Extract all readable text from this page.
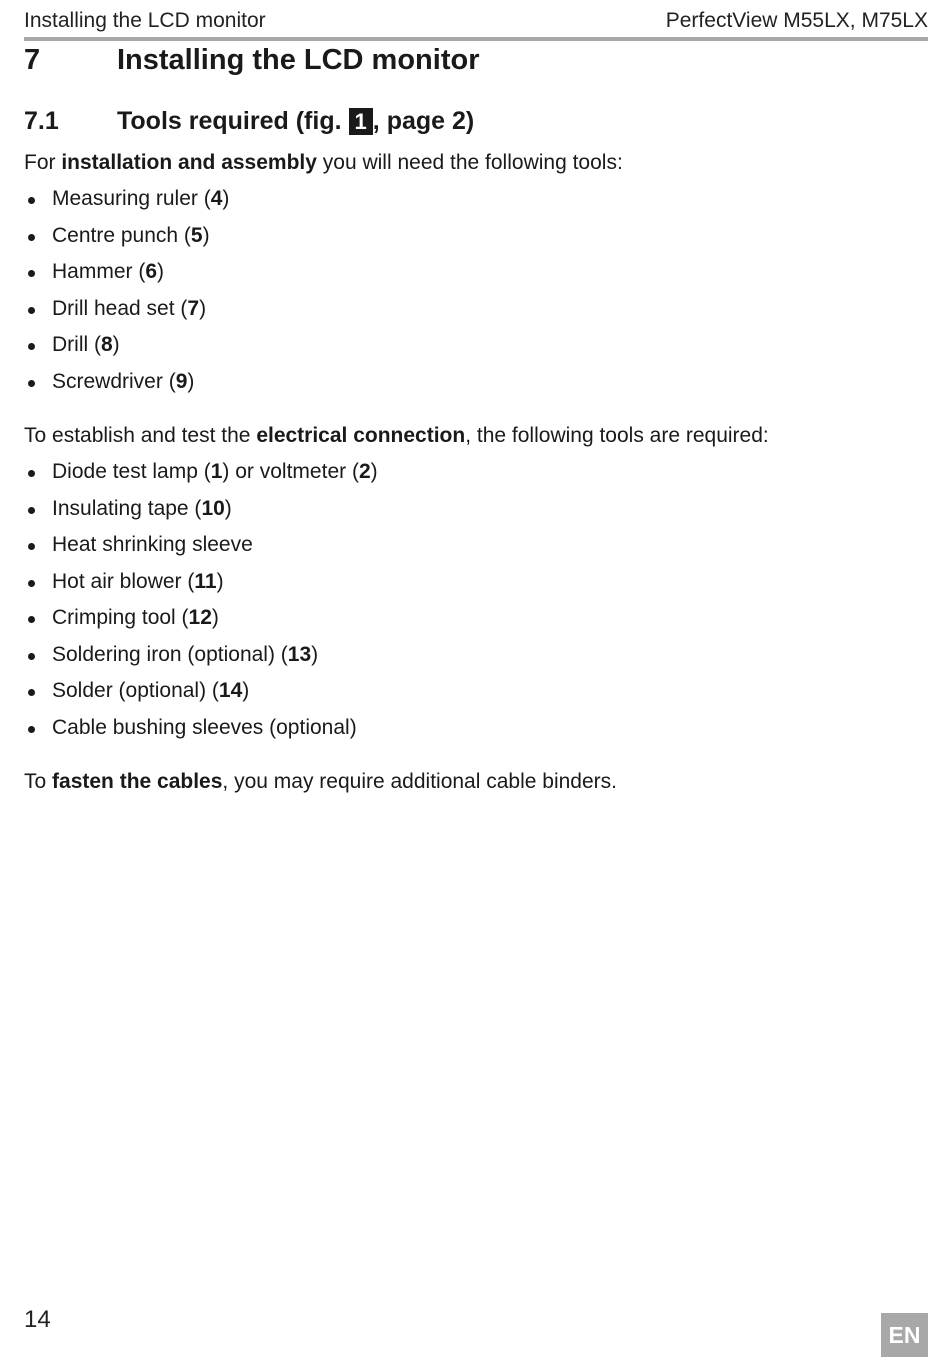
Installing the LCD monitor	PerfectView M55LX, M75LX
7	Installing the LCD monitor
7.1	Tools required (fig. 1 , page 2)
For installation and assembly you will need the following tools:
Measuring ruler (4)
Centre punch (5)
Hammer (6)
Drill head set (7)
Drill (8)
Screwdriver (9)
To establish and test the electrical connection, the following tools are required:
Diode test lamp (1) or voltmeter (2)
Insulating tape (10)
Heat shrinking sleeve
Hot air blower (11)
Crimping tool (12)
Soldering iron (optional) (13)
Solder (optional) (14)
Cable bushing sleeves (optional)
To fasten the cables, you may require additional cable binders.
14
EN
